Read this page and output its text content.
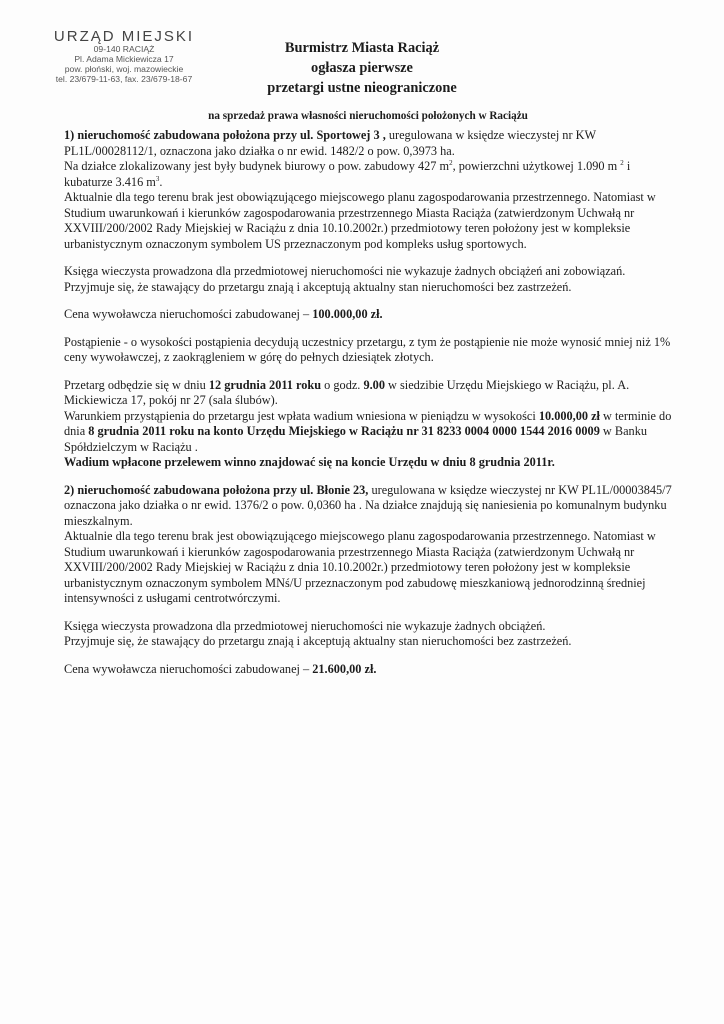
URZĄD MIEJSKI
09-140 RACIĄŻ
Pl. Adama Mickiewicza 17
pow. płoński, woj. mazowieckie
tel. 23/679-11-63, fax. 23/679-18-67
Burmistrz Miasta Raciąż
ogłasza pierwsze
przetargi ustne nieograniczone
na sprzedaż prawa własności nieruchomości położonych w Raciążu

1) nieruchomość zabudowana położona przy ul. Sportowej 3 , uregulowana w księdze wieczystej nr KW PL1L/00028112/1, oznaczona jako działka o nr ewid. 1482/2 o pow. 0,3973 ha.

Na działce zlokalizowany jest były budynek biurowy o pow. zabudowy 427 $m^2$, powierzchni użytkowej 1.090 m $^2$ i kubaturze 3.416 $m^3$.

Aktualnie dla tego terenu brak jest obowiązującego miejscowego planu zagospodarowania przestrzennego. Natomiast w Studium uwarunkowań i kierunków zagospodarowania przestrzennego Miasta Raciąża (zatwierdzonym Uchwałą nr XXVIII/200/2002 Rady Miejskiej w Raciążu z dnia 10.10.2002r.) przedmiotowy teren położony jest w kompleksie urbanistycznym oznaczonym symbolem US przeznaczonym pod kompleks usług sportowych.

Księga wieczysta prowadzona dla przedmiotowej nieruchomości nie wykazuje żadnych obciążeń ani zobowiązań.

Przyjmuje się, że stawający do przetargu znają i akceptują aktualny stan nieruchomości bez zastrzeżeń.

Cena wywoławcza nieruchomości zabudowanej – 100.000,00 zł.

Postąpienie - o wysokości postąpienia decydują uczestnicy przetargu, z tym że postąpienie nie może wynosić mniej niż 1% ceny wywoławczej, z zaokrągleniem w górę do pełnych dziesiątek złotych.

Przetarg odbędzie się w dniu 12 grudnia 2011 roku o godz. 9.00 w siedzibie Urzędu Miejskiego w Raciążu, pl. A. Mickiewicza 17, pokój nr 27 (sala ślubów).

Warunkiem przystąpienia do przetargu jest wpłata wadium wniesiona w pieniądzu w wysokości 10.000,00 zł w terminie do dnia 8 grudnia 2011 roku na konto Urzędu Miejskiego w Raciążu nr 31 8233 0004 0000 1544 2016 0009 w Banku Spółdzielczym w Raciążu .

Wadium wpłacone przelewem winno znajdować się na koncie Urzędu w dniu 8 grudnia 2011r.

2) nieruchomość zabudowana położona przy ul. Błonie 23, uregulowana w księdze wieczystej nr KW PL1L/00003845/7 oznaczona jako działka o nr ewid. 1376/2 o pow. 0,0360 ha . Na działce znajdują się naniesienia po komunalnym budynku mieszkalnym.

Aktualnie dla tego terenu brak jest obowiązującego miejscowego planu zagospodarowania przestrzennego. Natomiast w Studium uwarunkowań i kierunków zagospodarowania przestrzennego Miasta Raciąża (zatwierdzonym Uchwałą nr XXVIII/200/2002 Rady Miejskiej w Raciążu z dnia 10.10.2002r.) przedmiotowy teren położony jest w kompleksie urbanistycznym oznaczonym symbolem MNś/U przeznaczonym pod zabudowę mieszkaniową jednorodzinną średniej intensywności z usługami centrotwórczymi.

Księga wieczysta prowadzona dla przedmiotowej nieruchomości nie wykazuje żadnych obciążeń.

Przyjmuje się, że stawający do przetargu znają i akceptują aktualny stan nieruchomości bez zastrzeżeń.

Cena wywoławcza nieruchomości zabudowanej – 21.600,00 zł.
